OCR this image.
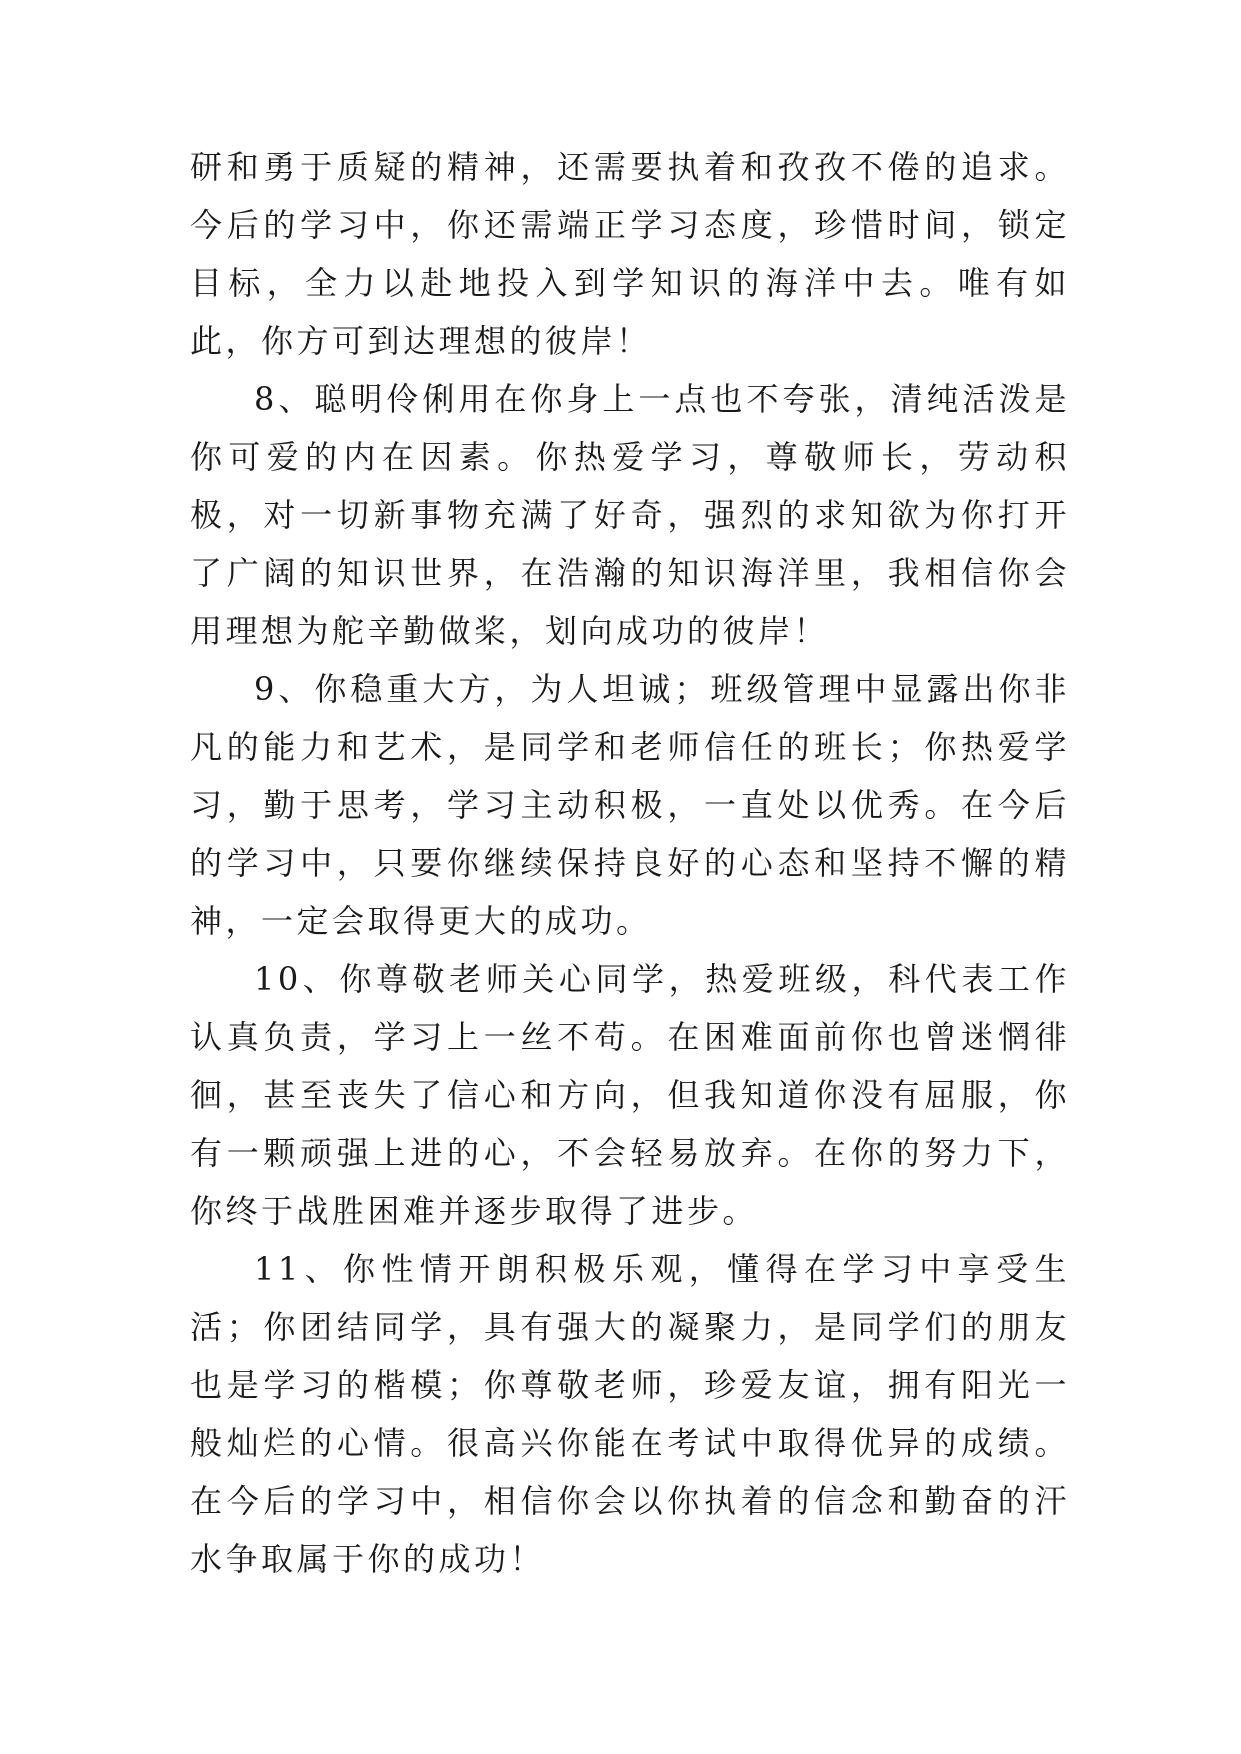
研和勇于质疑的精神，还需要执着和孜孜不倦的追求。今后的学习中，你还需端正学习态度，珍惜时间，锁定目标，全力以赴地投入到学知识的海洋中去。唯有如此，你方可到达理想的彼岸！

8、聪明伶俐用在你身上一点也不夸张，清纯活泼是你可爱的内在因素。你热爱学习，尊敬师长，劳动积极，对一切新事物充满了好奇，强烈的求知欲为你打开了广阔的知识世界，在浩瀚的知识海洋里，我相信你会用理想为舵辛勤做桨，划向成功的彼岸！

9、你稳重大方，为人坦诚；班级管理中显露出你非凡的能力和艺术，是同学和老师信任的班长；你热爱学习，勤于思考，学习主动积极，一直处以优秀。在今后的学习中，只要你继续保持良好的心态和坚持不懈的精神，一定会取得更大的成功。

10、你尊敬老师关心同学，热爱班级，科代表工作认真负责，学习上一丝不苟。在困难面前你也曾迷惘徘徊，甚至丧失了信心和方向，但我知道你没有屈服，你有一颗顽强上进的心，不会轻易放弃。在你的努力下，你终于战胜困难并逐步取得了进步。

11、你性情开朗积极乐观，懂得在学习中享受生活；你团结同学，具有强大的凝聚力，是同学们的朋友也是学习的楷模；你尊敬老师，珍爱友谊，拥有阳光一般灿烂的心情。很高兴你能在考试中取得优异的成绩。在今后的学习中，相信你会以你执着的信念和勤奋的汗水争取属于你的成功！
